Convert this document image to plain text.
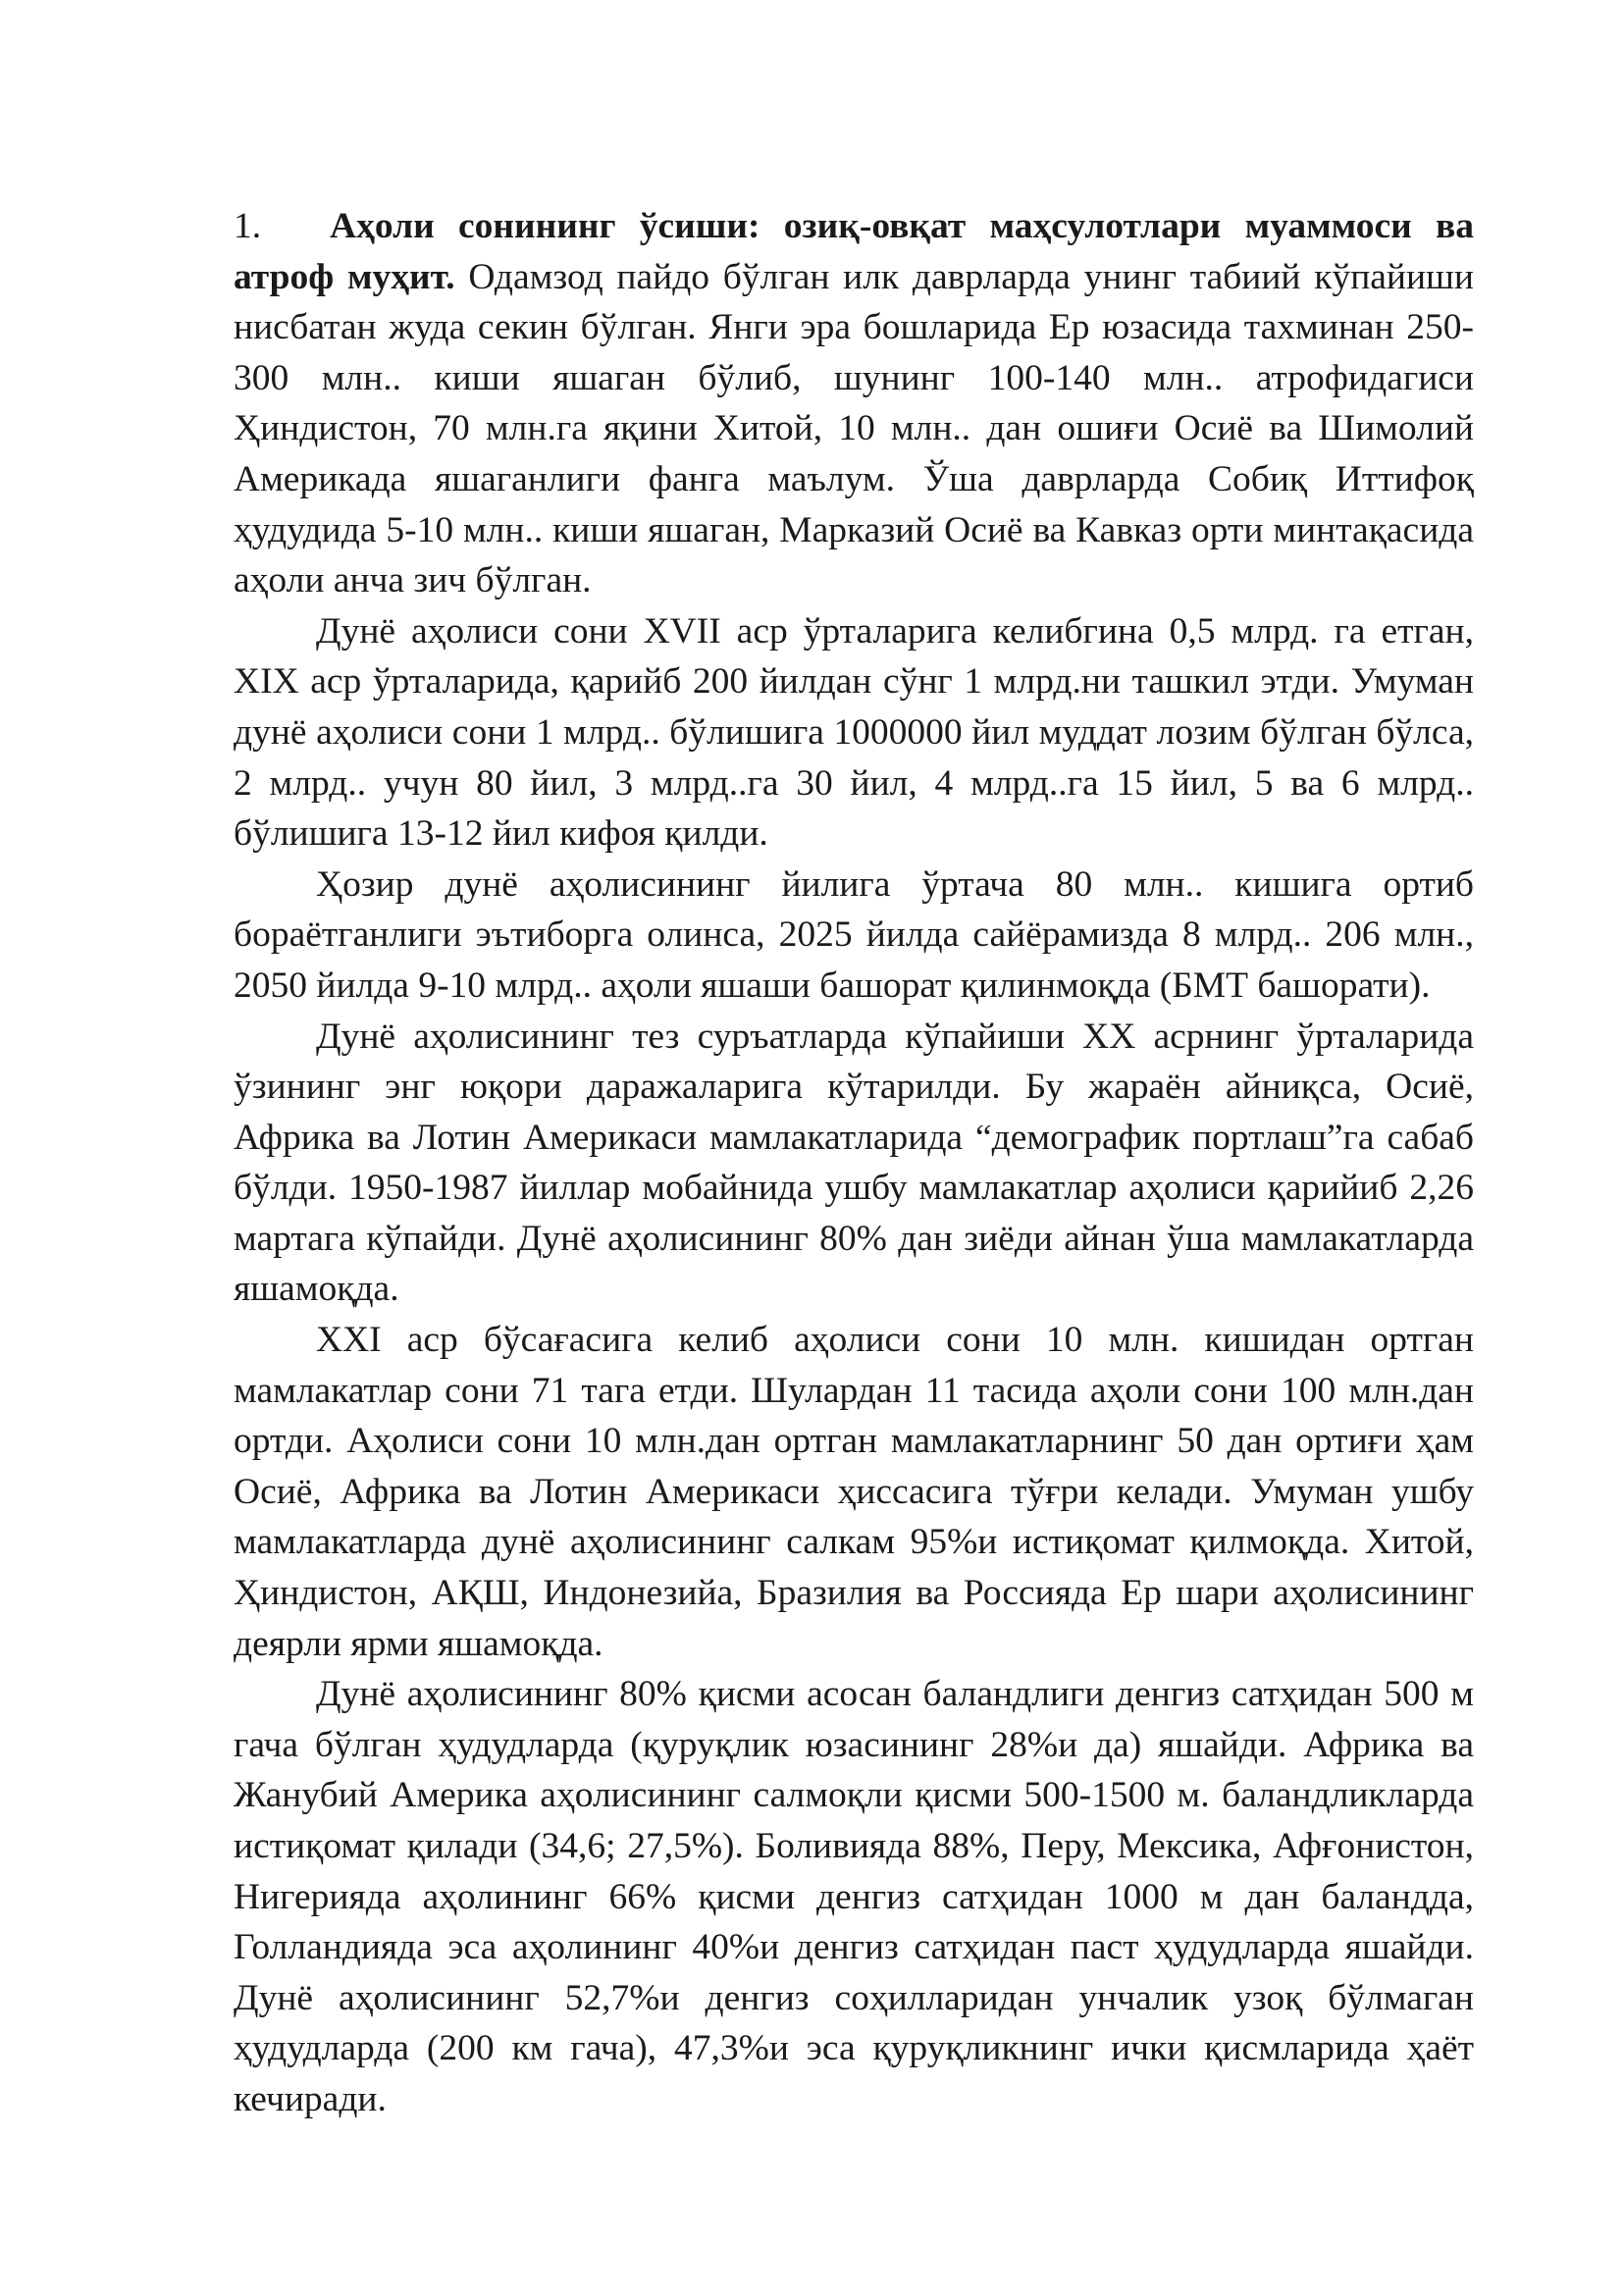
1. Аҳоли сонининг ўсиши: озиқ-овқат маҳсулотлари муаммоси ва атроф муҳит. Одамзод пайдо бўлган илк даврларда унинг табиий кўпайиши нисбатан жуда секин бўлган. Янги эра бошларида Ер юзасида тахминан 250-300 млн.. киши яшаган бўлиб, шунинг 100-140 млн.. атрофидагиси Ҳиндистон, 70 млн.га яқини Хитой, 10 млн.. дан ошиғи Осиё ва Шимолий Америкада яшаганлиги фанга маълум. Ўша даврларда Собиқ Иттифоқ ҳудудида 5-10 млн.. киши яшаган, Марказий Осиё ва Кавказ орти минтақасида аҳоли анча зич бўлган.

Дунё аҳолиси сони XVII аср ўрталарига келибгина 0,5 млрд. га етган, XIX аср ўрталарида, қарийб 200 йилдан сўнг 1 млрд.ни ташкил этди. Умуман дунё аҳолиси сони 1 млрд.. бўлишига 1000000 йил муддат лозим бўлган бўлса, 2 млрд.. учун 80 йил, 3 млрд..га 30 йил, 4 млрд..га 15 йил, 5 ва 6 млрд.. бўлишига 13-12 йил кифоя қилди.

Ҳозир дунё аҳолисининг йилига ўртача 80 млн.. кишига ортиб бораётганлиги эътиборга олинса, 2025 йилда сайёрамизда 8 млрд.. 206 млн., 2050 йилда 9-10 млрд.. аҳоли яшаши башорат қилинмоқда (БМТ башорати).

Дунё аҳолисининг тез суръатларда кўпайиши XX асрнинг ўрталарида ўзининг энг юқори даражаларига кўтарилди. Бу жараён айниқса, Осиё, Африка ва Лотин Америкаси мамлакатларида “демографик портлаш”га сабаб бўлди. 1950-1987 йиллар мобайнида ушбу мамлакатлар аҳолиси қарийиб 2,26 мартага кўпайди. Дунё аҳолисининг 80% дан зиёди айнан ўша мамлакатларда яшамоқда.

XXI аср бўсағасига келиб аҳолиси сони 10 млн. кишидан ортган мамлакатлар сони 71 тага етди. Шулардан 11 тасида аҳоли сони 100 млн.дан ортди. Аҳолиси сони 10 млн.дан ортган мамлакатларнинг 50 дан ортиғи ҳам Осиё, Африка ва Лотин Америкаси ҳиссасига тўғри келади. Умуман ушбу мамлакатларда дунё аҳолисининг салкам 95%и истиқомат қилмоқда. Хитой, Ҳиндистон, АҚШ, Индонезийа, Бразилия ва Россияда Ер шари аҳолисининг деярли ярми яшамоқда.

Дунё аҳолисининг 80% қисми асосан баландлиги денгиз сатҳидан 500 м гача бўлган ҳудудларда (қуруқлик юзасининг 28%и да) яшайди. Африка ва Жанубий Америка аҳолисининг салмоқли қисми 500-1500 м. баландликларда истиқомат қилади (34,6; 27,5%). Боливияда 88%, Перу, Мексика, Афғонистон, Нигерияда аҳолининг 66% қисми денгиз сатҳидан 1000 м дан баландда, Голландияда эса аҳолининг 40%и денгиз сатҳидан паст ҳудудларда яшайди. Дунё аҳолисининг 52,7%и денгиз соҳилларидан унчалик узоқ бўлмаган ҳудудларда (200 км гача), 47,3%и эса қуруқликнинг ички қисмларида ҳаёт кечиради.
